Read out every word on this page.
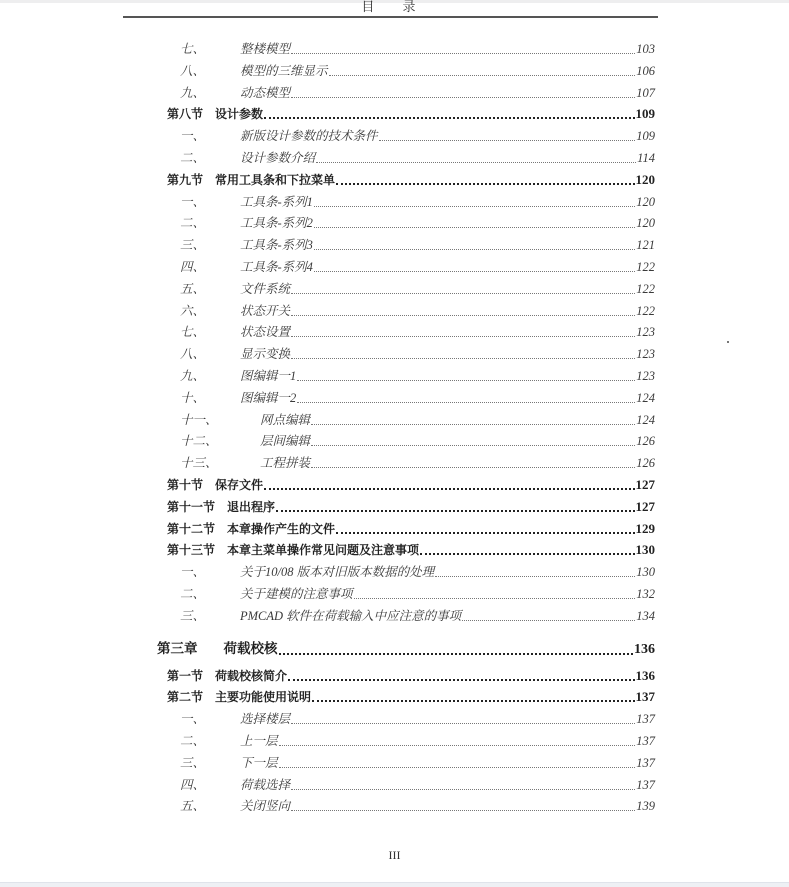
目 录
七、	整楼模型	103
八、	模型的三维显示	106
九、	动态模型	107
第八节 设计参数	109
一、	新版设计参数的技术条件	109
二、	设计参数介绍	114
第九节 常用工具条和下拉菜单	120
一、	工具条-系列1	120
二、	工具条-系列2	120
三、	工具条-系列3	121
四、	工具条-系列4	122
五、	文件系统	122
六、	状态开关	122
七、	状态设置	123
八、	显示变换	123
九、	图编辑一1	123
十、	图编辑一2	124
十一、	网点编辑	124
十二、	层间编辑	126
十三、	工程拼装	126
第十节 保存文件	127
第十一节 退出程序	127
第十二节 本章操作产生的文件	129
第十三节 本章主菜单操作常见问题及注意事项	130
一、	关于10/08 版本对旧版本数据的处理	130
二、	关于建模的注意事项	132
三、	PMCAD 软件在荷载输入中应注意的事项	134
第三章 荷载校核	136
第一节 荷载校核简介	136
第二节 主要功能使用说明	137
一、	选择楼层	137
二、	上一层	137
三、	下一层	137
四、	荷载选择	137
五、	关闭竖向	139
III
